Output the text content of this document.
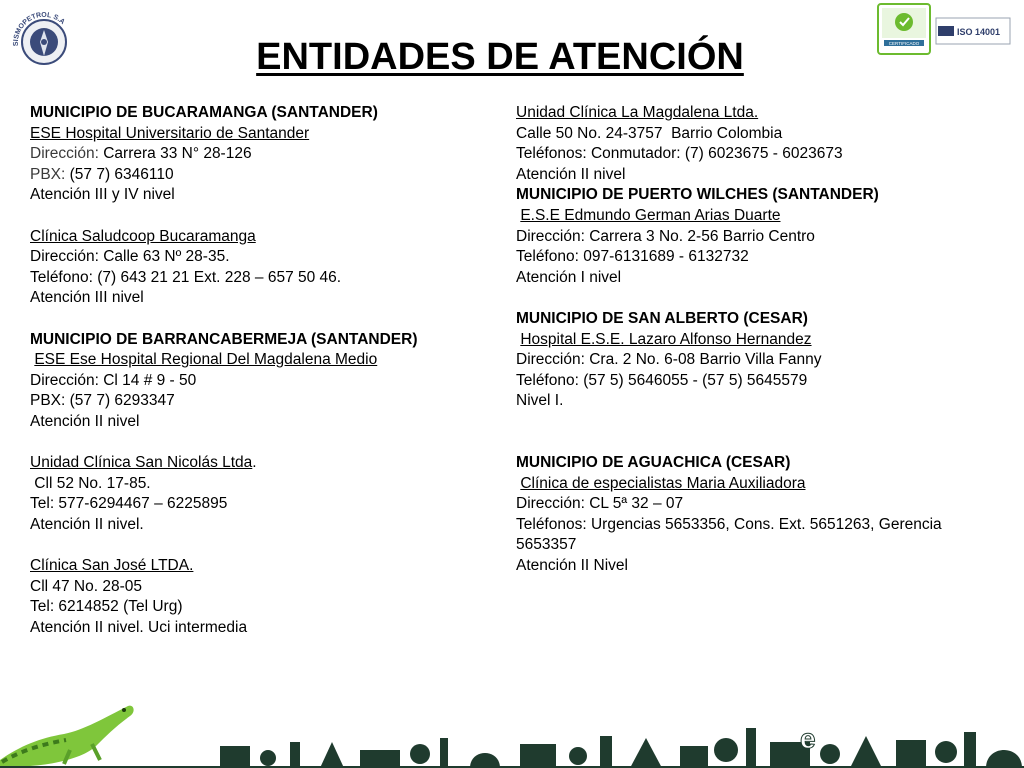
SISMOPETROL S.A
CERTIFICADO
ISO 14001
ENTIDADES DE ATENCIÓN
MUNICIPIO DE BUCARAMANGA (SANTANDER)
ESE Hospital Universitario de Santander
Dirección: Carrera 33 N° 28-126
PBX: (57 7) 6346110
Atención III y IV nivel
Clínica Saludcoop Bucaramanga
Dirección: Calle 63 Nº 28-35.
Teléfono: (7) 643 21 21 Ext. 228 – 657 50 46.
Atención III nivel
MUNICIPIO DE BARRANCABERMEJA (SANTANDER)
ESE Ese Hospital Regional Del Magdalena Medio
Dirección: Cl 14 # 9 - 50
PBX: (57 7) 6293347
Atención II nivel
Unidad Clínica San Nicolás Ltda.
Cll 52 No. 17-85.
Tel: 577-6294467 – 6225895
Atención II nivel.
Clínica San José LTDA.
Cll 47 No. 28-05
Tel: 6214852 (Tel Urg)
Atención II nivel. Uci intermedia
Unidad Clínica La Magdalena Ltda.
Calle 50 No. 24-3757  Barrio Colombia
Teléfonos: Conmutador: (7) 6023675 - 6023673
Atención II nivel
MUNICIPIO DE PUERTO WILCHES (SANTANDER)
E.S.E Edmundo German Arias Duarte
Dirección: Carrera 3 No. 2-56 Barrio Centro
Teléfono: 097-6131689 - 6132732
Atención I nivel
MUNICIPIO DE SAN ALBERTO (CESAR)
Hospital E.S.E. Lazaro Alfonso Hernandez
Dirección: Cra. 2 No. 6-08 Barrio Villa Fanny
Teléfono: (57 5) 5646055 - (57 5) 5645579
Nivel I.
MUNICIPIO DE AGUACHICA (CESAR)
Clínica de especialistas Maria Auxiliadora
Dirección: CL 5ª 32 – 07
Teléfonos: Urgencias 5653356, Cons. Ext. 5651263, Gerencia 5653357
Atención II Nivel
e
